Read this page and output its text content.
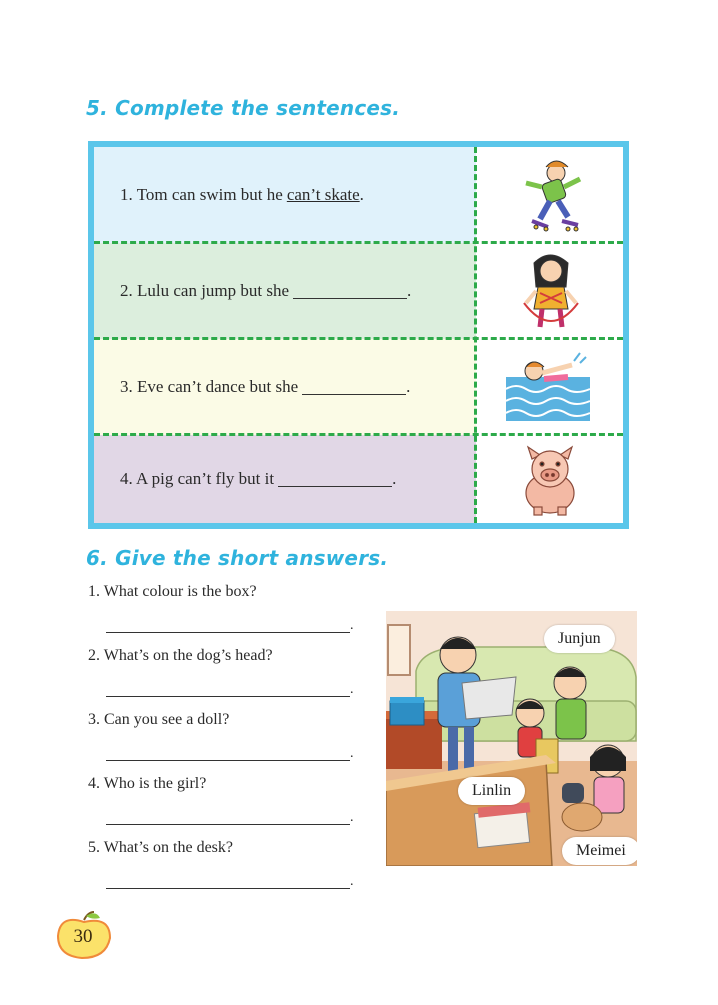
5. Complete the sentences.
1. Tom can swim but he can’t skate .
2. Lulu can jump but she	.
3. Eve can’t dance but she	.
4. A pig can’t fly but it	.
6. Give the short answers.
1. What colour is the box?
.
2. What’s on the dog’s head?
.
3. Can you see a doll?
.
4. Who is the girl?
.
5. What’s on the desk?
.
Junjun
Linlin
Meimei
30
